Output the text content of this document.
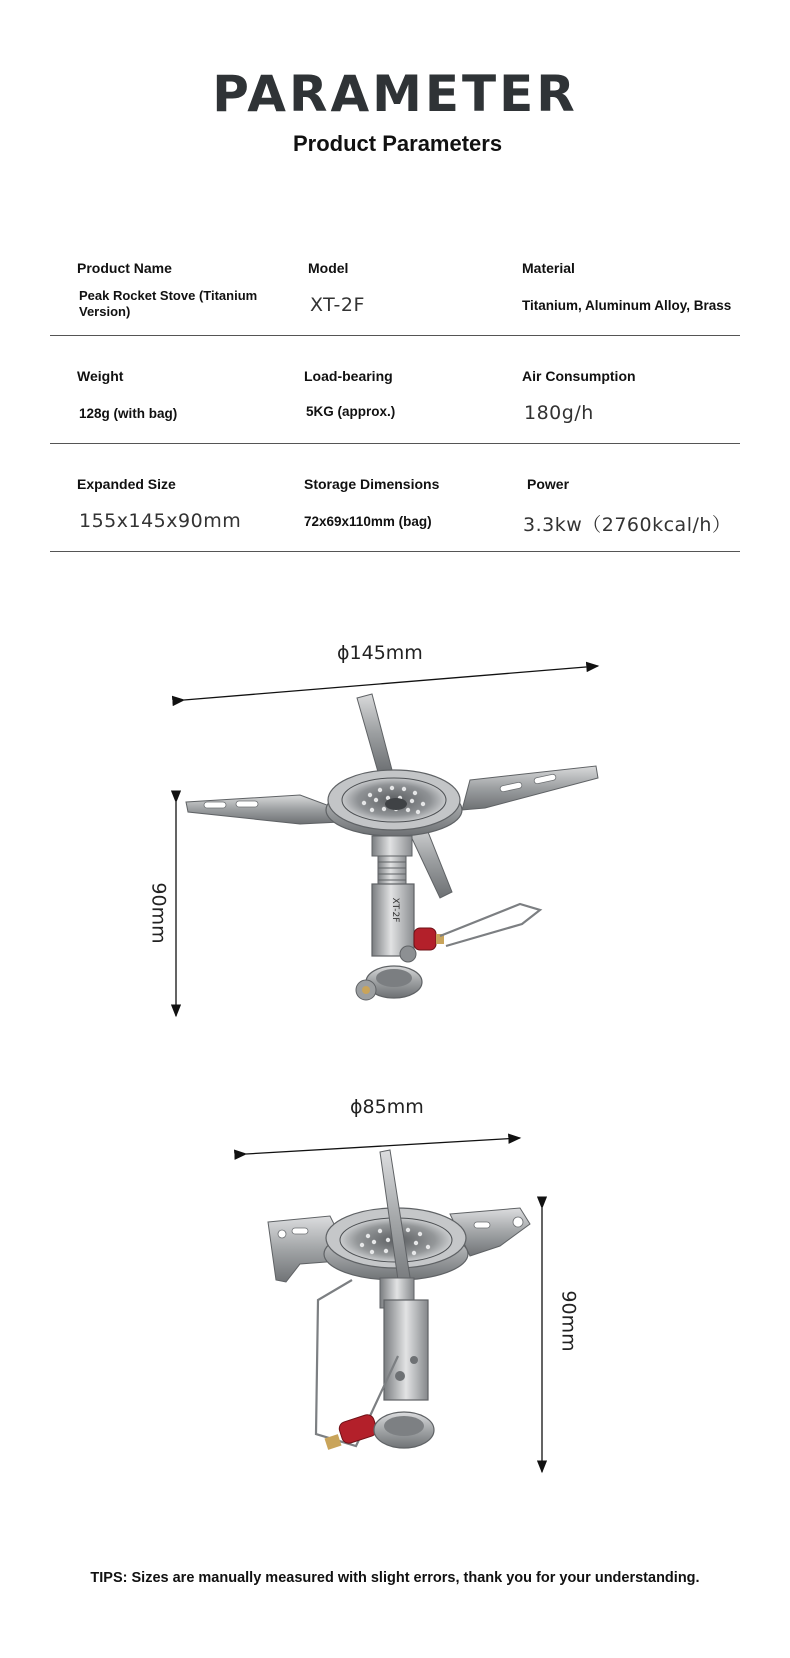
PARAMETER
Product Parameters
Product Name
Peak Rocket Stove (Titanium Version)
Model
XT-2F
Material
Titanium, Aluminum Alloy, Brass
Weight
128g (with bag)
Load-bearing
5KG (approx.)
Air Consumption
180g/h
Expanded Size
155x145x90mm
Storage Dimensions
72x69x110mm (bag)
Power
3.3kw（2760kcal/h）
ϕ145mm
90mm	XT-2F
ϕ85mm
90mm
TIPS: Sizes are manually measured with slight errors, thank you for your understanding.
